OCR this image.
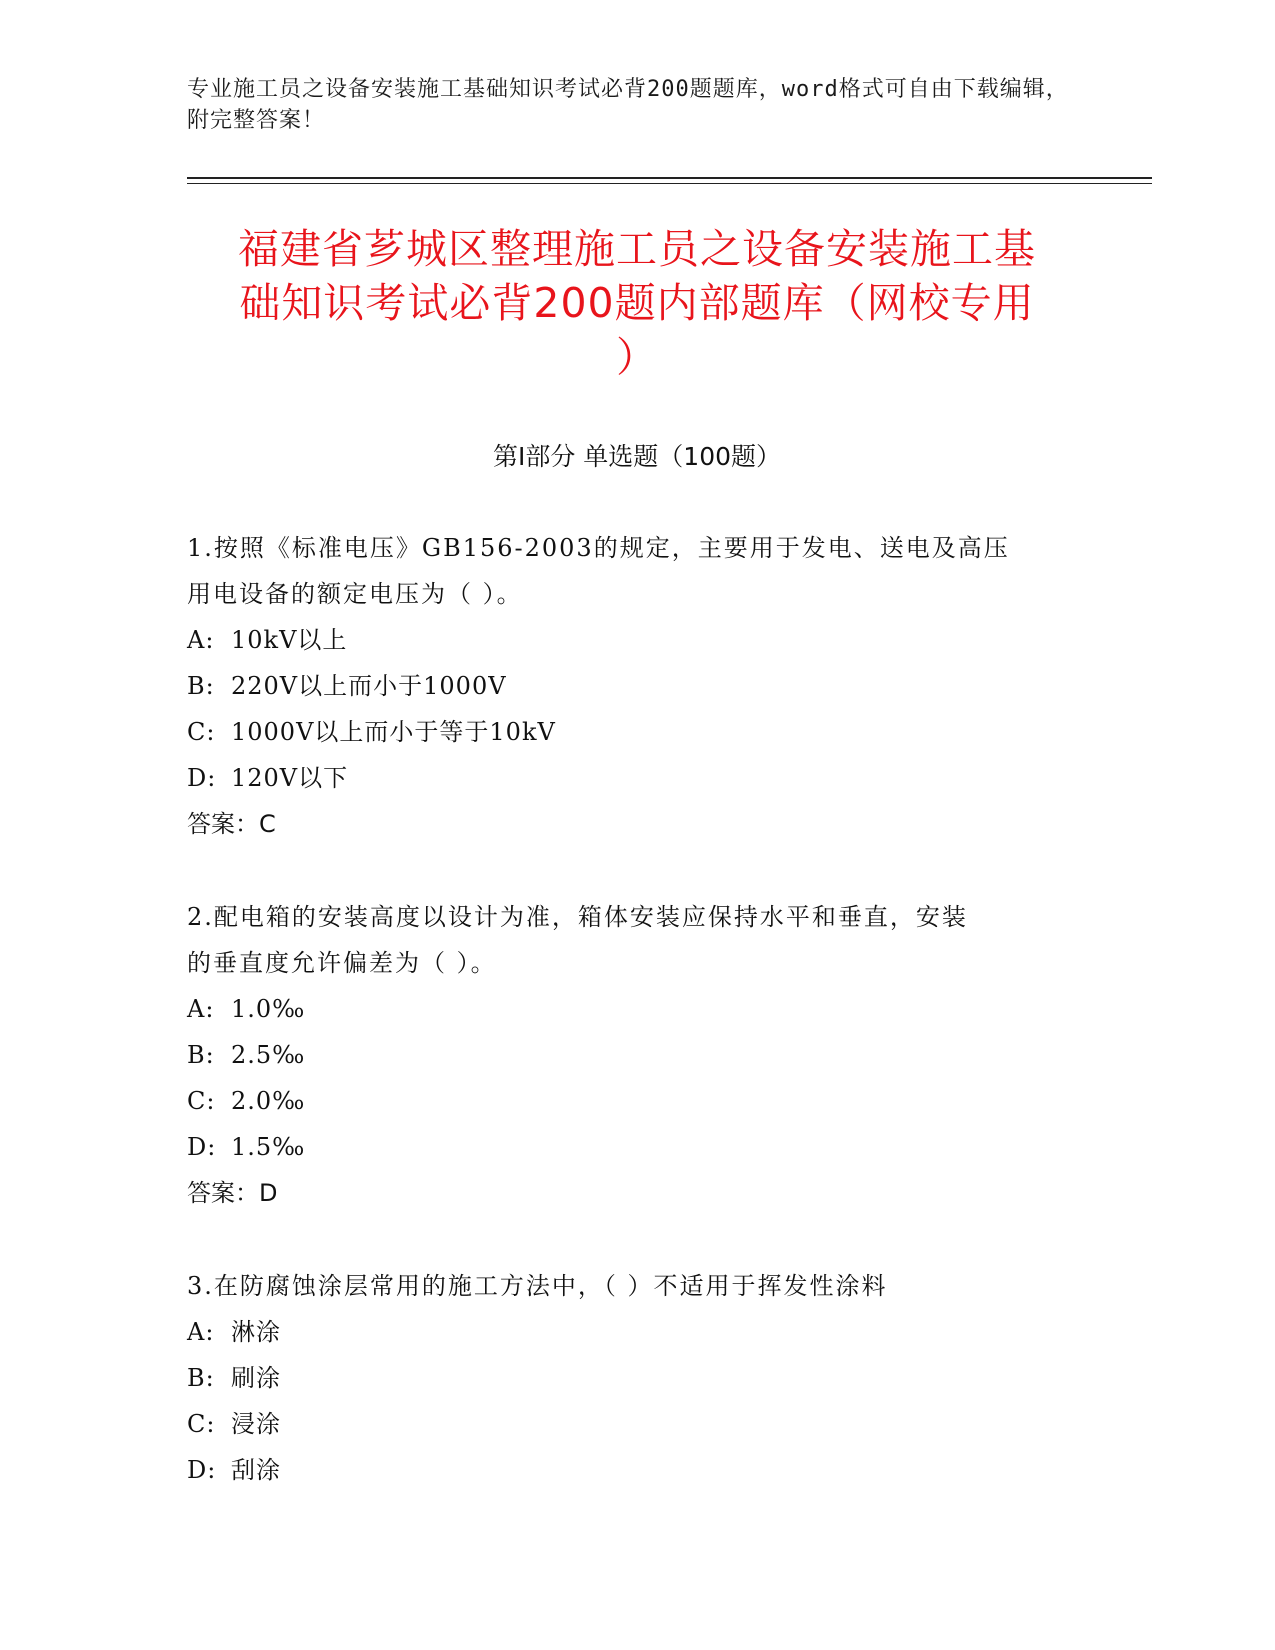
专业施工员之设备安装施工基础知识考试必背200题题库，word格式可自由下载编辑，附完整答案！
福建省芗城区整理施工员之设备安装施工基
础知识考试必背200题内部题库（网校专用
）
第I部分 单选题（100题）

1.按照《标准电压》GB156-2003的规定，主要用于发电、送电及高压

用电设备的额定电压为（ ）。

A: 10kV以上

B: 220V以上而小于1000V

C: 1000V以上而小于等于10kV

D: 120V以下

答案：C

2.配电箱的安装高度以设计为准，箱体安装应保持水平和垂直，安装

的垂直度允许偏差为（ ）。

A: 1.0‰

B: 2.5‰

C: 2.0‰

D: 1.5‰

答案：D

3.在防腐蚀涂层常用的施工方法中，（ ）不适用于挥发性涂料

A: 淋涂

B: 刷涂

C: 浸涂

D: 刮涂
